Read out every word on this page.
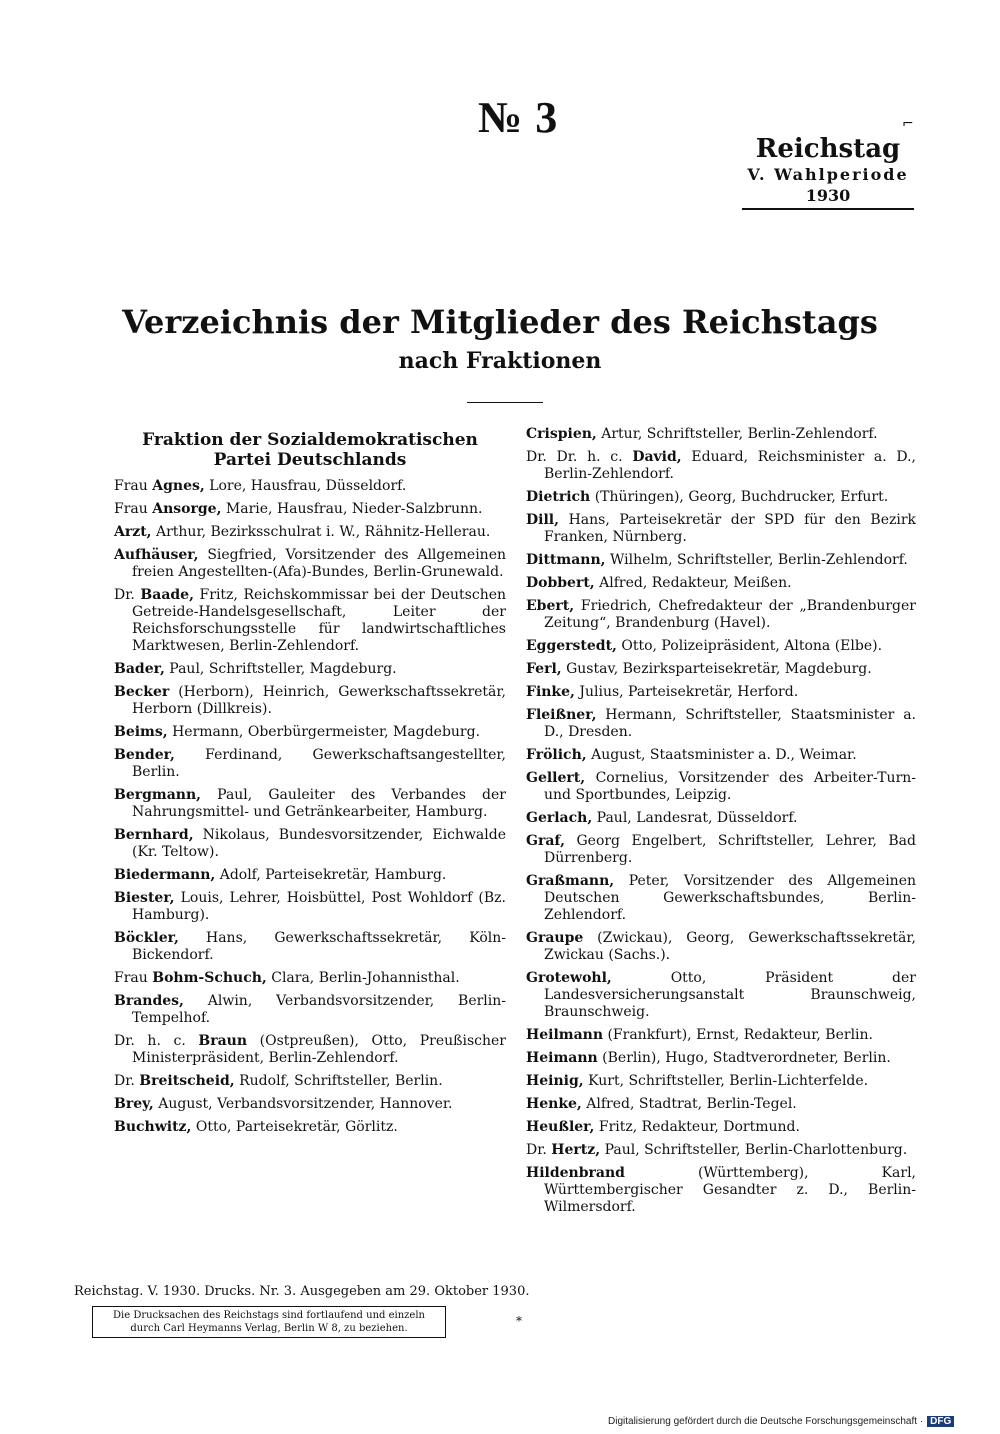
№ 3	⌐
Reichstag
V. Wahlperiode
1930
Verzeichnis der Mitglieder des Reichstags
nach Fraktionen
Fraktion der Sozialdemokratischen Partei Deutschlands
Frau Agnes, Lore, Hausfrau, Düsseldorf.
Frau Ansorge, Marie, Hausfrau, Nieder-Salzbrunn.
Arzt, Arthur, Bezirksschulrat i. W., Rähnitz-Hellerau.
Aufhäuser, Siegfried, Vorsitzender des Allgemeinen freien Angestellten-(Afa)-Bundes, Berlin-Grunewald.
Dr. Baade, Fritz, Reichskommissar bei der Deutschen Getreide-Handelsgesellschaft, Leiter der Reichsforschungsstelle für landwirtschaftliches Marktwesen, Berlin-Zehlendorf.
Bader, Paul, Schriftsteller, Magdeburg.
Becker (Herborn), Heinrich, Gewerkschaftssekretär, Herborn (Dillkreis).
Beims, Hermann, Oberbürgermeister, Magdeburg.
Bender, Ferdinand, Gewerkschaftsangestellter, Berlin.
Bergmann, Paul, Gauleiter des Verbandes der Nahrungsmittel- und Getränkearbeiter, Hamburg.
Bernhard, Nikolaus, Bundesvorsitzender, Eichwalde (Kr. Teltow).
Biedermann, Adolf, Parteisekretär, Hamburg.
Biester, Louis, Lehrer, Hoisbüttel, Post Wohldorf (Bz. Hamburg).
Böckler, Hans, Gewerkschaftssekretär, Köln-Bickendorf.
Frau Bohm-Schuch, Clara, Berlin-Johannisthal.
Brandes, Alwin, Verbandsvorsitzender, Berlin-Tempelhof.
Dr. h. c. Braun (Ostpreußen), Otto, Preußischer Ministerpräsident, Berlin-Zehlendorf.
Dr. Breitscheid, Rudolf, Schriftsteller, Berlin.
Brey, August, Verbandsvorsitzender, Hannover.
Buchwitz, Otto, Parteisekretär, Görlitz.
Crispien, Artur, Schriftsteller, Berlin-Zehlendorf.
Dr. Dr. h. c. David, Eduard, Reichsminister a. D., Berlin-Zehlendorf.
Dietrich (Thüringen), Georg, Buchdrucker, Erfurt.
Dill, Hans, Parteisekretär der SPD für den Bezirk Franken, Nürnberg.
Dittmann, Wilhelm, Schriftsteller, Berlin-Zehlendorf.
Dobbert, Alfred, Redakteur, Meißen.
Ebert, Friedrich, Chefredakteur der „Brandenburger Zeitung“, Brandenburg (Havel).
Eggerstedt, Otto, Polizeipräsident, Altona (Elbe).
Ferl, Gustav, Bezirksparteisekretär, Magdeburg.
Finke, Julius, Parteisekretär, Herford.
Fleißner, Hermann, Schriftsteller, Staatsminister a. D., Dresden.
Frölich, August, Staatsminister a. D., Weimar.
Gellert, Cornelius, Vorsitzender des Arbeiter-Turn- und Sportbundes, Leipzig.
Gerlach, Paul, Landesrat, Düsseldorf.
Graf, Georg Engelbert, Schriftsteller, Lehrer, Bad Dürrenberg.
Graßmann, Peter, Vorsitzender des Allgemeinen Deutschen Gewerkschaftsbundes, Berlin-Zehlendorf.
Graupe (Zwickau), Georg, Gewerkschaftssekretär, Zwickau (Sachs.).
Grotewohl,	Otto, Präsident der Landesversicherungsanstalt Braunschweig, Braunschweig.
Heilmann (Frankfurt), Ernst, Redakteur, Berlin.
Heimann (Berlin), Hugo, Stadtverordneter, Berlin.
Heinig, Kurt, Schriftsteller, Berlin-Lichterfelde.
Henke, Alfred, Stadtrat, Berlin-Tegel.
Heußler, Fritz, Redakteur, Dortmund.
Dr. Hertz, Paul, Schriftsteller, Berlin-Charlottenburg.
Hildenbrand	(Württemberg), Karl, Württembergischer Gesandter z. D., Berlin-Wilmersdorf.
Reichstag. V. 1930. Drucks. Nr. 3. Ausgegeben am 29. Oktober 1930.
Die Drucksachen des Reichstags sind fortlaufend und einzeln
durch Carl Heymanns Verlag, Berlin W 8, zu beziehen.
*
Digitalisierung gefördert durch die Deutsche Forschungsgemeinschaft · DFG
